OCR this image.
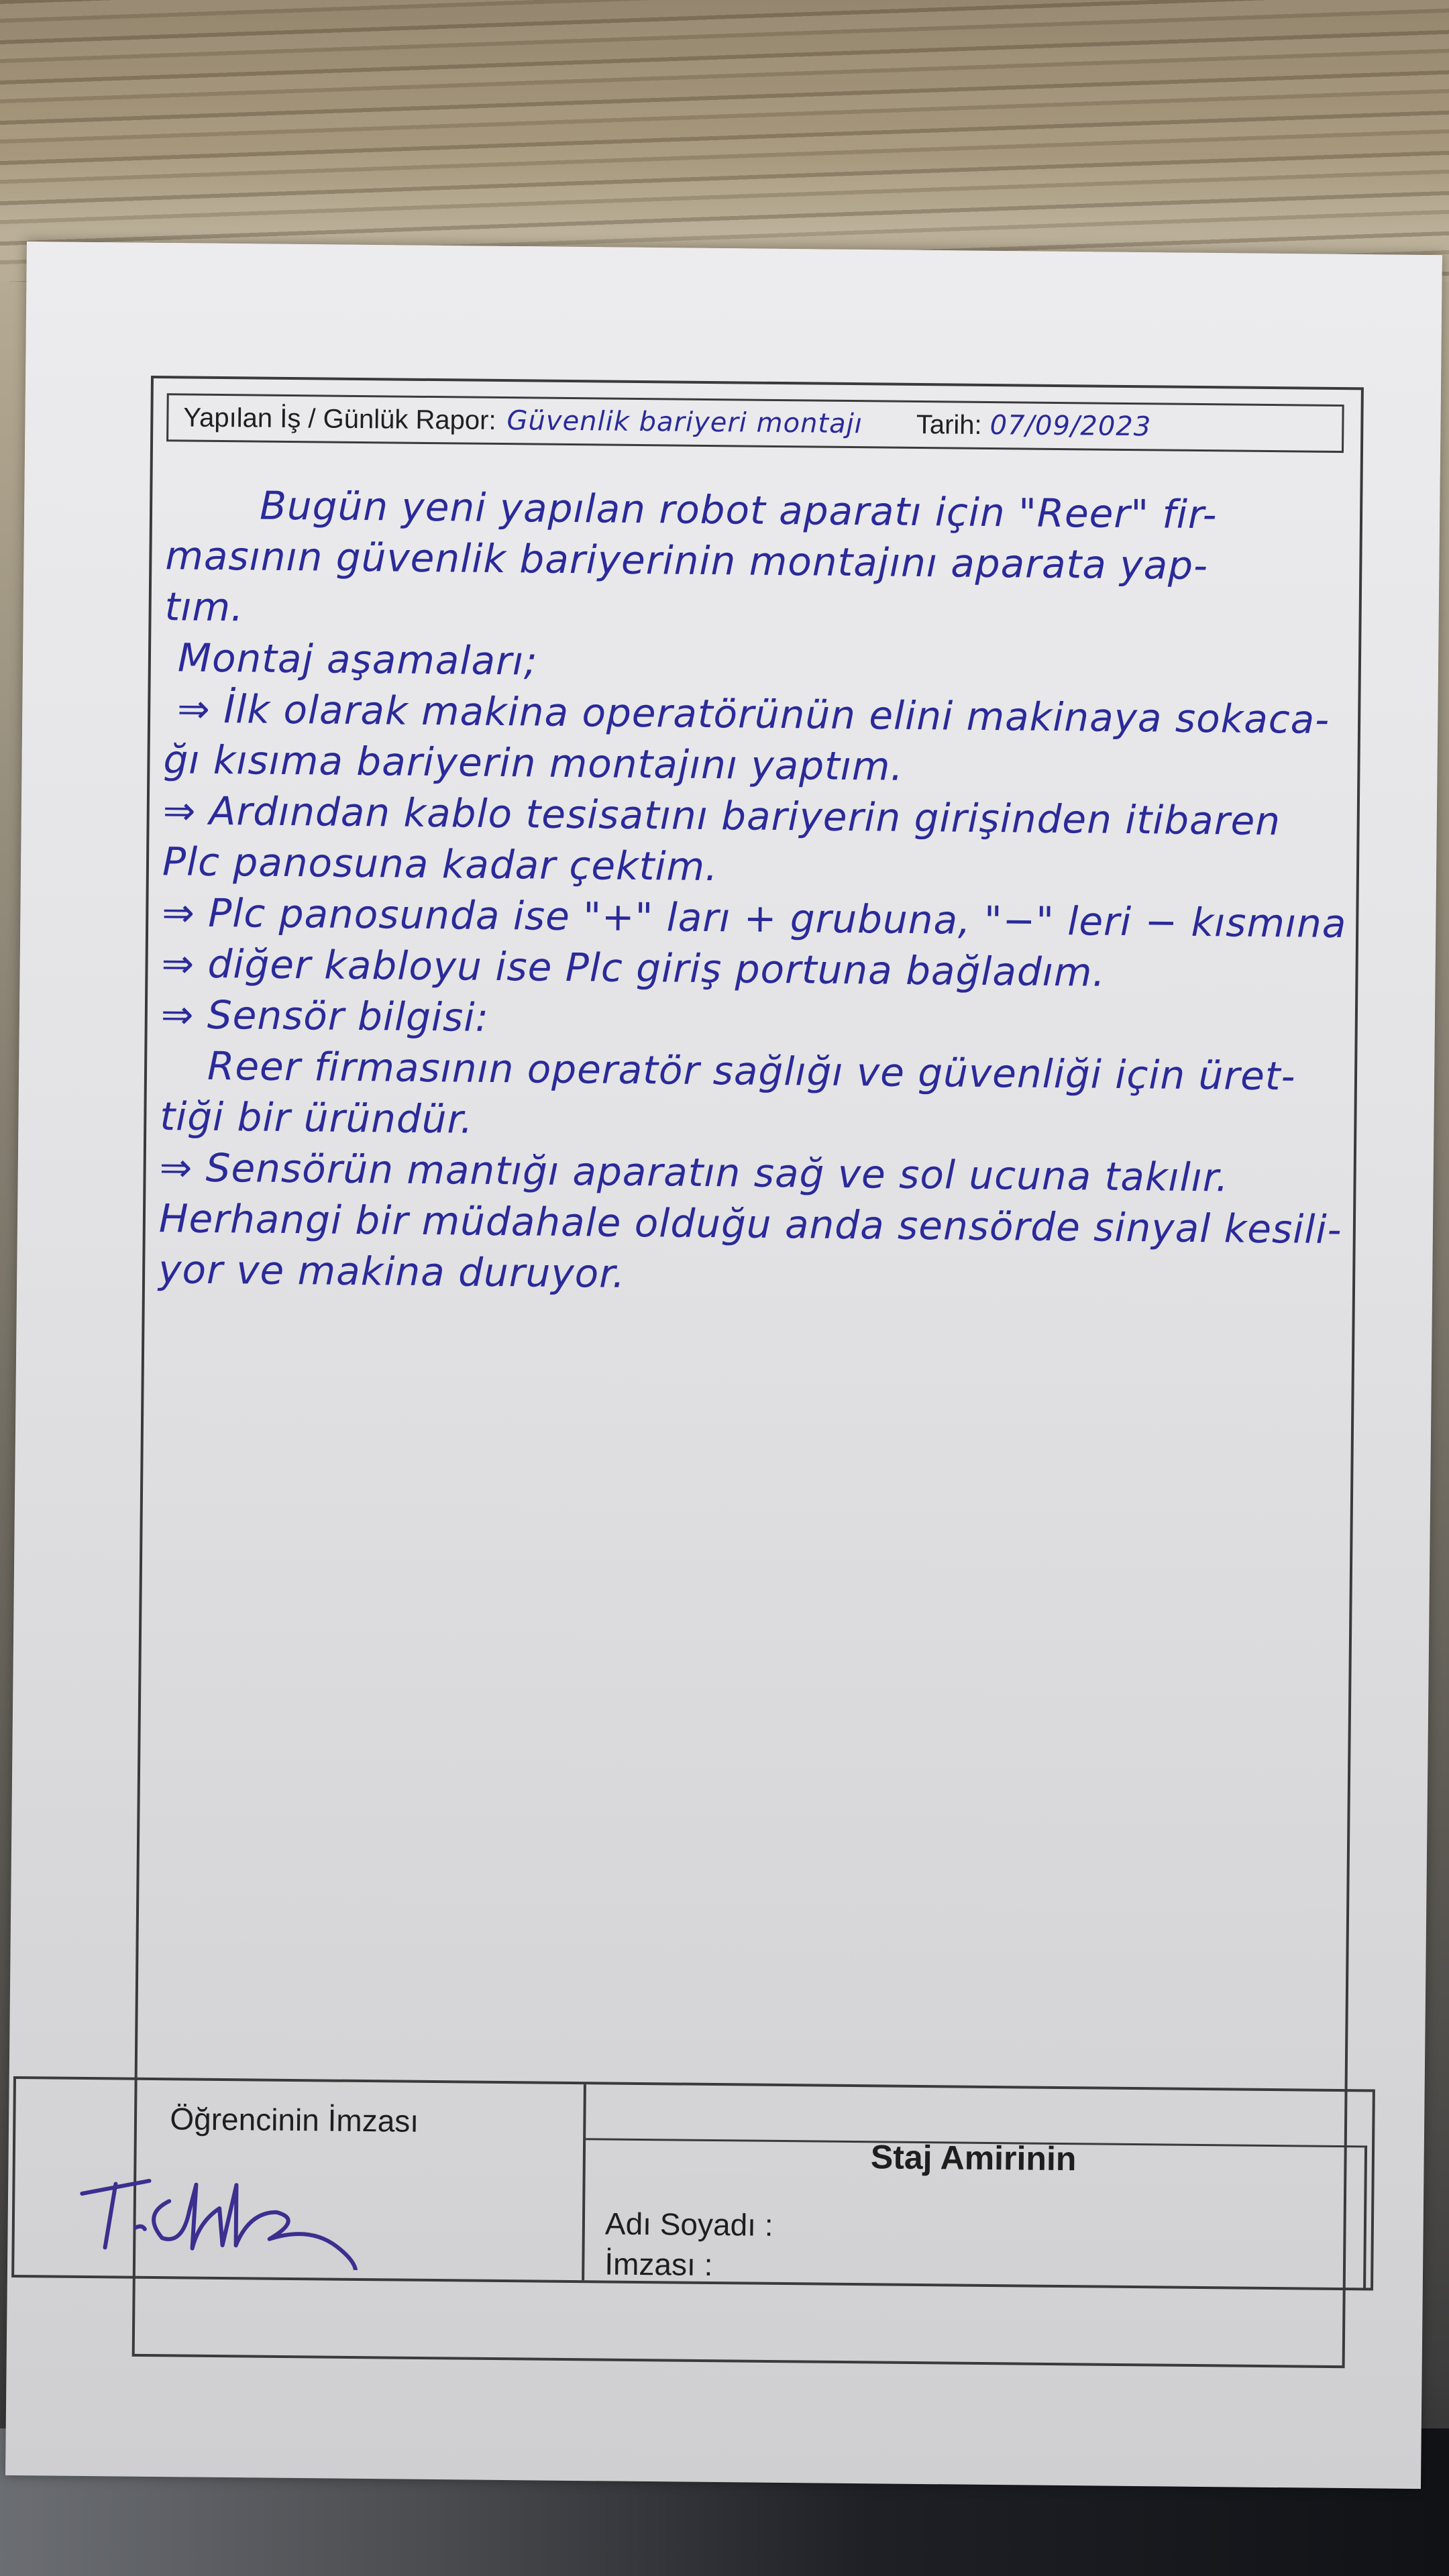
Yapılan İş / Günlük Rapor: Güvenlik bariyeri montajı Tarih: 07/09/2023
Bugün yeni yapılan robot aparatı için "Reer" fir-
masının güvenlik bariyerinin montajını aparata yap-
tım.
Montaj aşamaları;
⇒ İlk olarak makina operatörünün elini makinaya sokaca-
ğı kısıma bariyerin montajını yaptım.
⇒ Ardından kablo tesisatını bariyerin girişinden itibaren
Plc panosuna kadar çektim.
⇒ Plc panosunda ise "+" ları + grubuna, "−" leri − kısmına
⇒ diğer kabloyu ise Plc giriş portuna bağladım.
⇒ Sensör bilgisi:
Reer firmasının operatör sağlığı ve güvenliği için üret-
tiği bir üründür.
⇒ Sensörün mantığı aparatın sağ ve sol ucuna takılır.
Herhangi bir müdahale olduğu anda sensörde sinyal kesili-
yor ve makina duruyor.
Öğrencinin İmzası
Staj Amirinin
Adı Soyadı :
İmzası :
